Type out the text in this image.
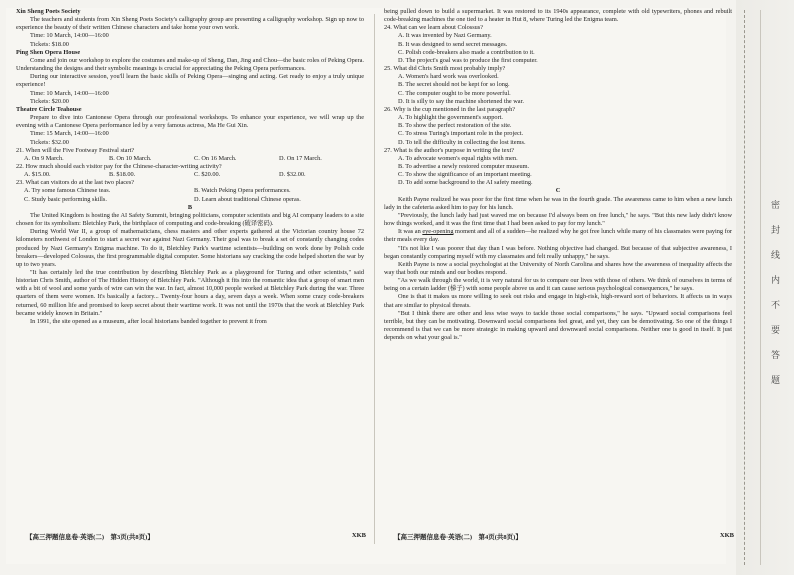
Xin Sheng Poets Society

The teachers and students from Xin Sheng Poets Society's calligraphy group are presenting a calligraphy workshop. Sign up now to experience the beauty of their written Chinese characters and take home your own work.

Time: 10 March, 14:00—16:00

Tickets: $18.00

Ping Shen Opera House

Come and join our workshop to explore the costumes and make-up of Sheng, Dan, Jing and Chou—the basic roles of Peking Opera. Understanding the designs and their symbolic meanings is crucial for appreciating the Peking Opera performances.

During our interactive session, you'll learn the basic skills of Peking Opera—singing and acting. Get ready to enjoy a truly unique experience!

Time: 10 March, 14:00—16:00

Tickets: $20.00

Theatre Circle Teahouse

Prepare to dive into Cantonese Opera through our professional workshops. To enhance your experience, we will wrap up the evening with a Cantonese Opera performance led by a very famous actress, Ma He Gui Xin.

Time: 15 March, 14:00—16:00

Tickets: $32.00

21. When will the Five Footway Festival start?

A. On 9 March.	B. On 10 March.	C. On 16 March.	D. On 17 March.

22. How much should each visitor pay for the Chinese-character-writing activity?

A. $15.00.	B. $18.00.	C. $20.00.	D. $32.00.

23. What can visitors do at the last two places?

A. Try some famous Chinese teas.	B. Watch Peking Opera performances.
C. Study basic performing skills.	D. Learn about traditional Chinese operas.

B

The United Kingdom is hosting the AI Safety Summit, bringing politicians, computer scientists and big AI company leaders to a site chosen for its symbolism: Bletchley Park, the birthplace of computing and code-breaking (破译密码).

During World War II, a group of mathematicians, chess masters and other experts gathered at the Victorian country house 72 kilometers northwest of London to start a secret war against Nazi Germany. Their goal was to break a set of constantly changing codes produced by Nazi Germany's Enigma machine. To do it, Bletchley Park's wartime scientists—building on work done by Polish code breakers—developed Colossus, the first programmable digital computer. Some historians say cracking the code helped shorten the war by up to two years.

"It has certainly led the true contribution by describing Bletchley Park as a playground for Turing and other scientists," said historian Chris Smith, author of The Hidden History of Bletchley Park. "Although it fits into the romantic idea that a group of smart men with a bit of wool and some yards of wire can win the war. In fact, almost 10,000 people worked at Bletchley Park during the war. Three quarters of them were women. It's basically a factory... Twenty-four hours a day, seven days a week. When some crazy code-breakers returned, 60 million life and promised to keep secret about their wartime work. It was not until the 1970s that the work at Bletchley Park became widely known in Britain."

In 1991, the site opened as a museum, after local historians banded together to prevent it from

being pulled down to build a supermarket. It was restored to its 1940s appearance, complete with old typewriters, phones and rebuilt code-breaking machines the one tied to a heater in Hut 8, where Turing led the Enigma team.

24. What can we learn about Colossus?

A. It was invented by Nazi Germany.

B. It was designed to send secret messages.

C. Polish code-breakers also made a contribution to it.

D. The project's goal was to produce the first computer.

25. What did Chris Smith most probably imply?

A. Women's hard work was overlooked.

B. The secret should not be kept for so long.

C. The computer ought to be more powerful.

D. It is silly to say the machine shortened the war.

26. Why is the cup mentioned in the last paragraph?

A. To highlight the government's support.

B. To show the perfect restoration of the site.

C. To stress Turing's important role in the project.

D. To tell the difficulty in collecting the lost items.

27. What is the author's purpose in writing the text?

A. To advocate women's equal rights with men.

B. To advertise a newly restored computer museum.

C. To show the significance of an important meeting.

D. To add some background to the AI safety meeting.

C

Keith Payne realized he was poor for the first time when he was in the fourth grade. The awareness came to him when a new lunch lady in the cafeteria asked him to pay for his lunch.

"Previously, the lunch lady had just waved me on because I'd always been on free lunch," he says. "But this new lady didn't know how things worked, and it was the first time that I had been asked to pay for my lunch."

It was an eye-opening moment and all of a sudden—he realized why he got free lunch while many of his classmates were paying for their meals every day.

"It's not like I was poorer that day than I was before. Nothing objective had changed. But because of that subjective awareness, I began constantly comparing myself with my classmates and felt really unhappy," he says.

Keith Payne is now a social psychologist at the University of North Carolina and shares how the awareness of inequality affects the way that both our minds and our bodies respond.

"As we walk through the world, it is very natural for us to compare our lives with those of others. We think of ourselves in terms of being on a certain ladder (梯子) with some people above us and it can cause serious psychological consequences," he says.

One is that it makes us more willing to seek out risks and engage in high-risk, high-reward sort of behaviors. It affects us in ways that are similar to physical threats.

"But I think there are other and less wise ways to tackle those social comparisons," he says. "Upward social comparisons feel terrible, but they can be motivating. Downward social comparisons feel great, and yet, they can be demotivating. So one of the things I recommend is that we can be more strategic in making upward and downward social comparisons. Neither one is good in itself. It just depends on what your goal is."

【高三押题信息卷·英语(二)　第3页(共8页)】	XKB	【高三押题信息卷·英语(二)　第4页(共8页)】	XKB
密封线内不要答题
